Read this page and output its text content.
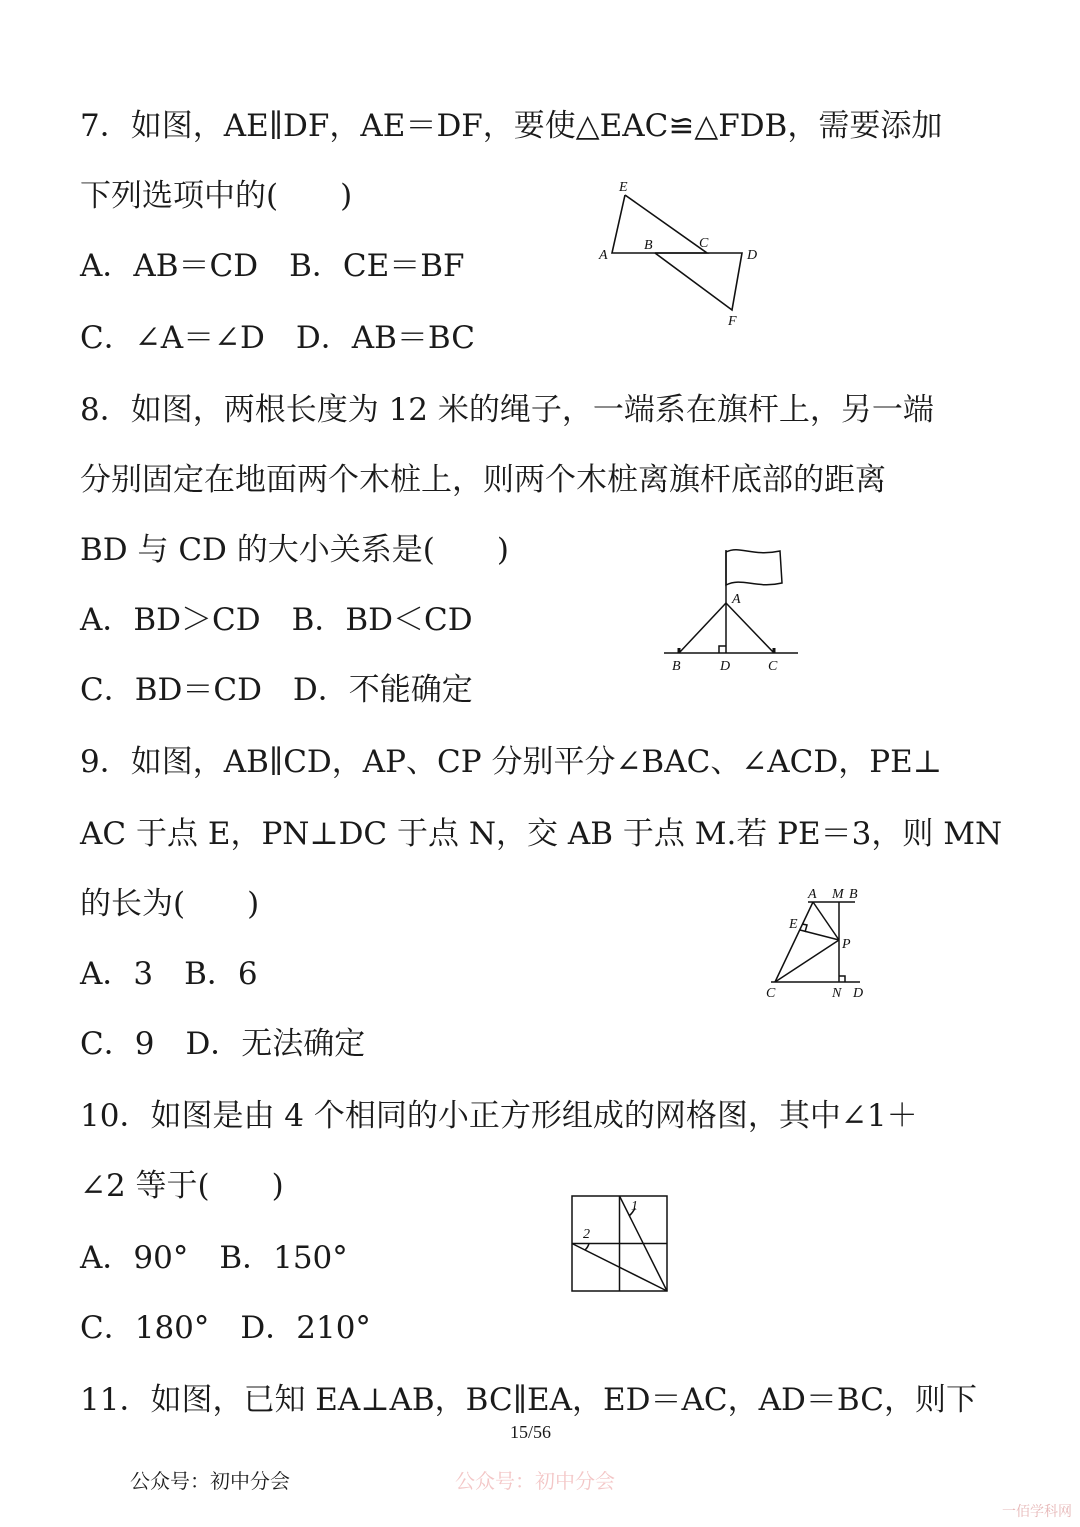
7．如图，AE∥DF，AE＝DF，要使△EAC≌△FDB，需要添加
下列选项中的(　　)
A．AB＝CD　B．CE＝BF
C．∠A＝∠D　D．AB＝BC
E
A
B	C
D
F
8．如图，两根长度为 12 米的绳子，一端系在旗杆上，另一端
分别固定在地面两个木桩上，则两个木桩离旗杆底部的距离
BD 与 CD 的大小关系是(　　)
A．BD＞CD　B．BD＜CD
C．BD＝CD　D．不能确定
A
B	D	C
9．如图，AB∥CD，AP、CP 分别平分∠BAC、∠ACD，PE⊥
AC 于点 E，PN⊥DC 于点 N，交 AB 于点 M.若 PE＝3，则 MN
的长为(　　)
A．3　B．6
C．9　D．无法确定
A M B
E
P
C	N D
10．如图是由 4 个相同的小正方形组成的网格图，其中∠1＋
∠2 等于(　　)
A．90°　B．150°
C．180°　D．210°
1
2
11．如图，已知 EA⊥AB，BC∥EA，ED＝AC，AD＝BC，则下
15/56
公众号：初中分会	公众号：初中分会
一佰学科网
